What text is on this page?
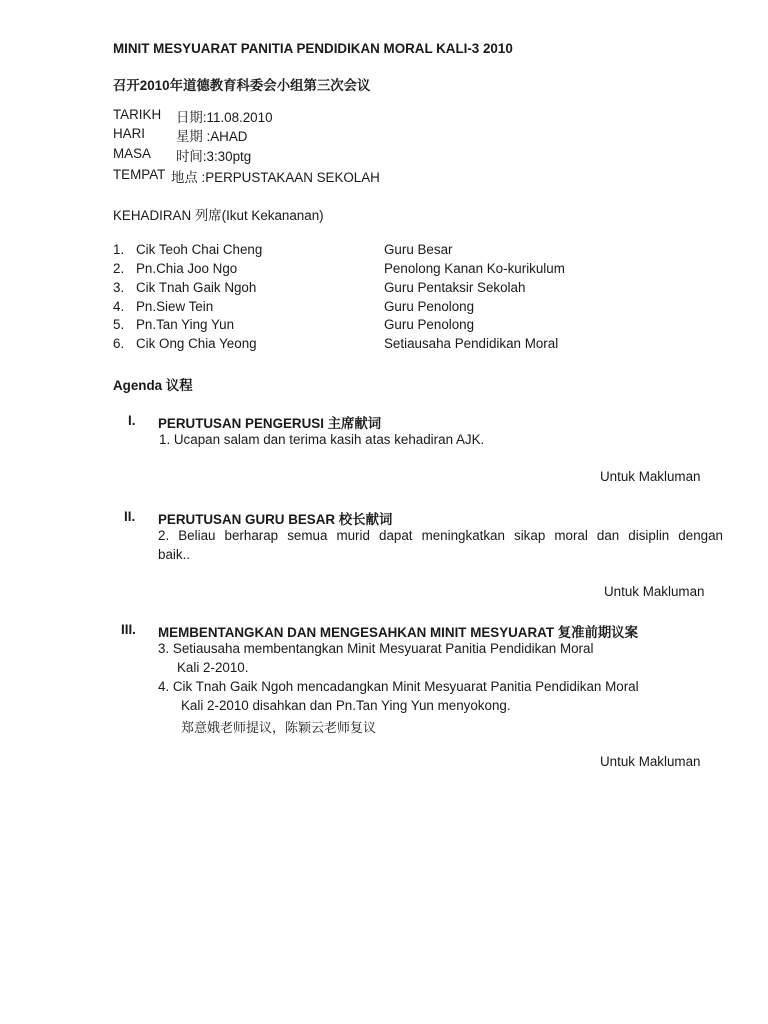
MINIT MESYUARAT PANITIA PENDIDIKAN MORAL KALI-3 2010
召开2010年道德教育科委会小组第三次会议
TARIKH 日期:11.08.2010
HARI 星期 :AHAD
MASA 时间:3:30ptg
TEMPAT 地点 :PERPUSTAKAAN SEKOLAH
KEHADIRAN 列席(Ikut Kekananan)
1. Cik Teoh Chai Cheng	Guru Besar
2. Pn.Chia Joo Ngo	Penolong Kanan Ko-kurikulum
3. Cik Tnah Gaik Ngoh	Guru Pentaksir Sekolah
4. Pn.Siew Tein	Guru Penolong
5. Pn.Tan Ying Yun	Guru Penolong
6. Cik Ong Chia Yeong	Setiausaha Pendidikan Moral
Agenda 议程
I. PERUTUSAN PENGERUSI 主席献词
1. Ucapan salam dan terima kasih atas kehadiran AJK.
Untuk Makluman
II. PERUTUSAN GURU BESAR 校长献词
2. Beliau berharap semua murid dapat meningkatkan sikap moral dan disiplin dengan
baik..
Untuk Makluman
III. MEMBENTANGKAN DAN MENGESAHKAN MINIT MESYUARAT 复准前期议案
3. Setiausaha membentangkan Minit Mesyuarat Panitia Pendidikan Moral
Kali 2-2010.
4. Cik Tnah Gaik Ngoh mencadangkan Minit Mesyuarat Panitia Pendidikan Moral
Kali 2-2010 disahkan dan Pn.Tan Ying Yun menyokong.
郑意娥老师提议，陈颖云老师复议
Untuk Makluman
